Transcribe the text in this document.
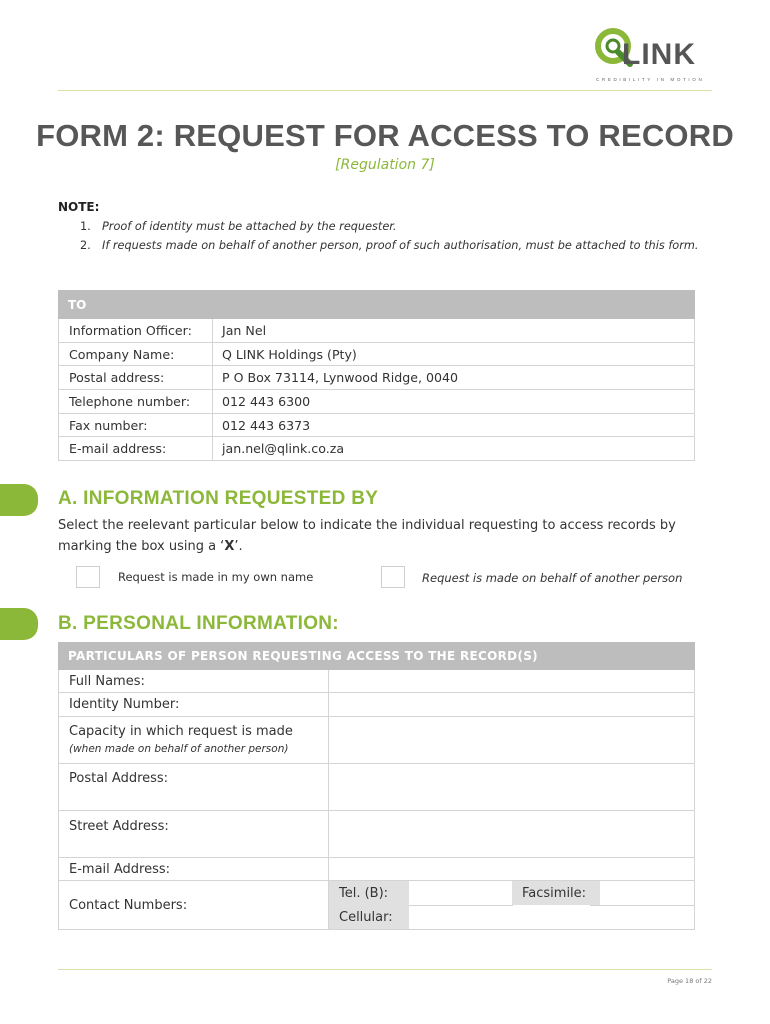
LINK
CREDIBILITY IN MOTION
FORM 2: REQUEST FOR ACCESS TO RECORD
[Regulation 7]
NOTE:
1. Proof of identity must be attached by the requester.
2. If requests made on behalf of another person, proof of such authorisation, must be attached to this form.
TO
Information Officer:	Jan Nel
Company Name:	Q LINK Holdings (Pty)
Postal address:	P O Box 73114, Lynwood Ridge, 0040
Telephone number:	012 443 6300
Fax number:	012 443 6373
E-mail address:	jan.nel@qlink.co.za
A. INFORMATION REQUESTED BY
Select the reelevant particular below to indicate the individual requesting to access records by marking the box using a ‘X’.
Request is made in my own name	Request is made on behalf of another person
B. PERSONAL INFORMATION:
PARTICULARS OF PERSON REQUESTING ACCESS TO THE RECORD(S)
Full Names:
Identity Number:
Capacity in which request is made
(when made on behalf of another person)
Postal Address:
Street Address:
E-mail Address:
Contact Numbers:
Tel. (B):	Facsimile:
Cellular:
Page 18 of 22
